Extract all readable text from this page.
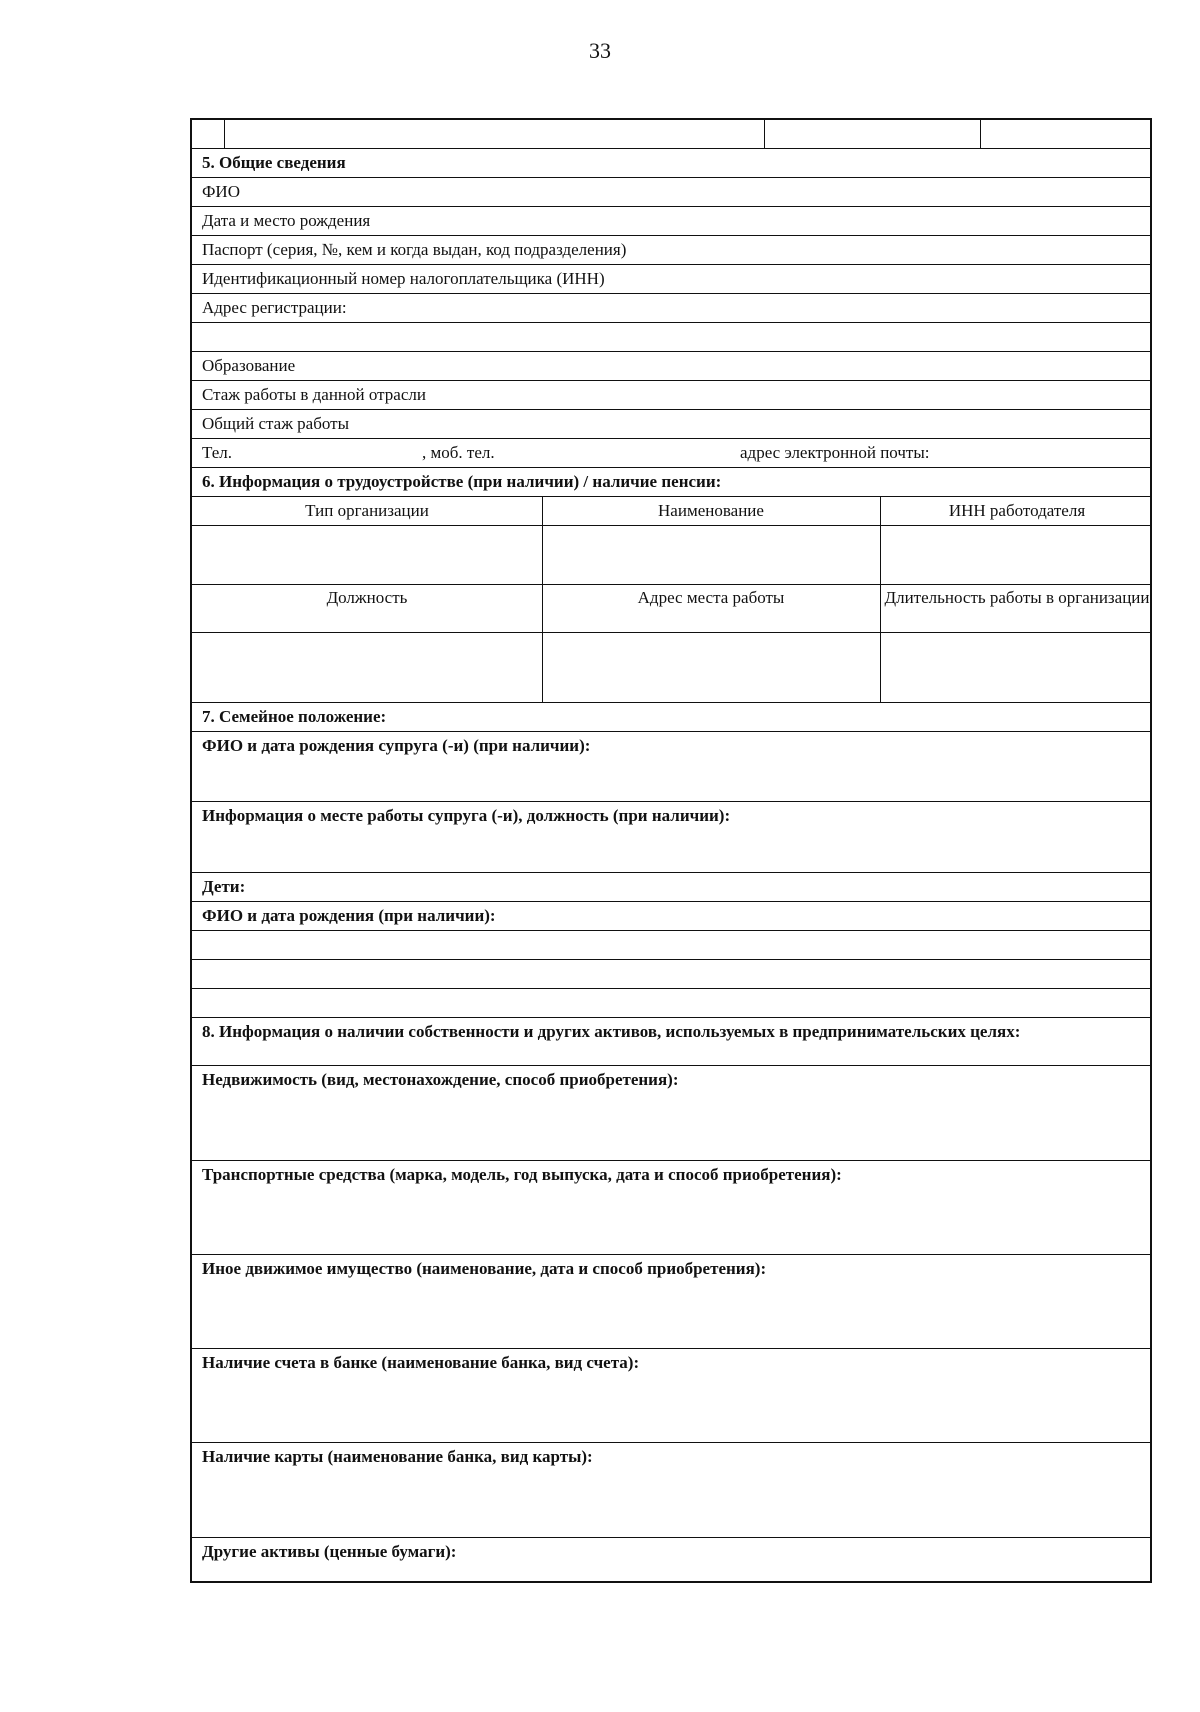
33
5. Общие сведения
ФИО
Дата и место рождения
Паспорт (серия, №, кем и когда выдан, код подразделения)
Идентификационный номер налогоплательщика (ИНН)
Адрес регистрации:
Образование
Стаж работы в данной отрасли
Общий стаж работы
Тел.	, моб. тел.	адрес электронной почты:
6. Информация о трудоустройстве (при наличии) / наличие пенсии:
Тип организации	Наименование	ИНН работодателя
Должность	Адрес места работы	Длительность работы в организации
7. Семейное положение:
ФИО и дата рождения супруга (-и) (при наличии):
Информация о месте работы супруга (-и), должность (при наличии):
Дети:
ФИО и дата рождения (при наличии):
8. Информация о наличии собственности и других активов, используемых в предпринимательских целях:
Недвижимость (вид, местонахождение, способ приобретения):
Транспортные средства (марка, модель, год выпуска, дата и способ приобретения):
Иное движимое имущество (наименование, дата и способ приобретения):
Наличие счета в банке (наименование банка, вид счета):
Наличие карты (наименование банка, вид карты):
Другие активы (ценные бумаги):
